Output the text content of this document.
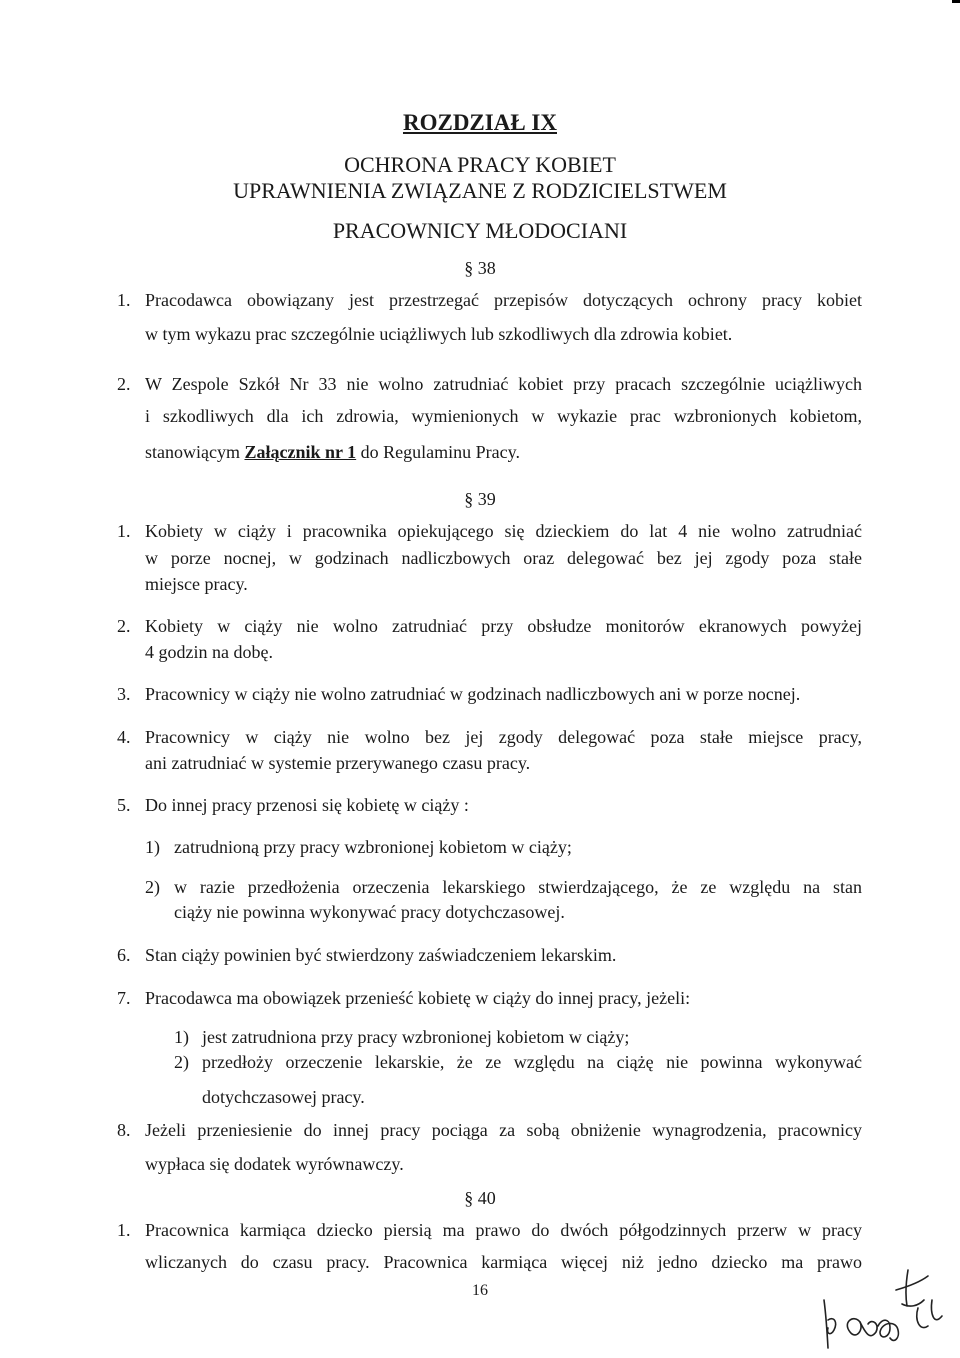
ROZDZIAŁ IX
OCHRONA PRACY KOBIET
UPRAWNIENIA ZWIĄZANE Z RODZICIELSTWEM
PRACOWNICY MŁODOCIANI
§ 38
1. Pracodawca obowiązany jest przestrzegać przepisów dotyczących ochrony pracy kobiet
w tym wykazu prac szczególnie uciążliwych lub szkodliwych dla zdrowia kobiet.
2. W Zespole Szkół Nr 33 nie wolno zatrudniać kobiet przy pracach szczególnie uciążliwych
i szkodliwych dla ich zdrowia, wymienionych w wykazie prac wzbronionych kobietom,
stanowiącym Załącznik nr 1 do Regulaminu Pracy.
§ 39
1. Kobiety w ciąży i pracownika opiekującego się dzieckiem do lat 4 nie wolno zatrudniać
w porze nocnej, w godzinach nadliczbowych oraz delegować bez jej zgody poza stałe
miejsce pracy.
2. Kobiety w ciąży nie wolno zatrudniać przy obsłudze monitorów ekranowych powyżej
4 godzin na dobę.
3. Pracownicy w ciąży nie wolno zatrudniać w godzinach nadliczbowych ani w porze nocnej.
4. Pracownicy w ciąży nie wolno bez jej zgody delegować poza stałe miejsce pracy,
ani zatrudniać w systemie przerywanego czasu pracy.
5. Do innej pracy przenosi się kobietę w ciąży :
1) zatrudnioną przy pracy wzbronionej kobietom w ciąży;
2) w razie przedłożenia orzeczenia lekarskiego stwierdzającego, że ze względu na stan
ciąży nie powinna wykonywać pracy dotychczasowej.
6. Stan ciąży powinien być stwierdzony zaświadczeniem lekarskim.
7. Pracodawca ma obowiązek przenieść kobietę w ciąży do innej pracy, jeżeli:
1) jest zatrudniona przy pracy wzbronionej kobietom w ciąży;
2) przedłoży orzeczenie lekarskie, że ze względu na ciążę nie powinna wykonywać
dotychczasowej pracy.
8. Jeżeli przeniesienie do innej pracy pociąga za sobą obniżenie wynagrodzenia, pracownicy
wypłaca się dodatek wyrównawczy.
§ 40
1. Pracownica karmiąca dziecko piersią ma prawo do dwóch półgodzinnych przerw w pracy
wliczanych do czasu pracy. Pracownica karmiąca więcej niż jedno dziecko ma prawo
16
